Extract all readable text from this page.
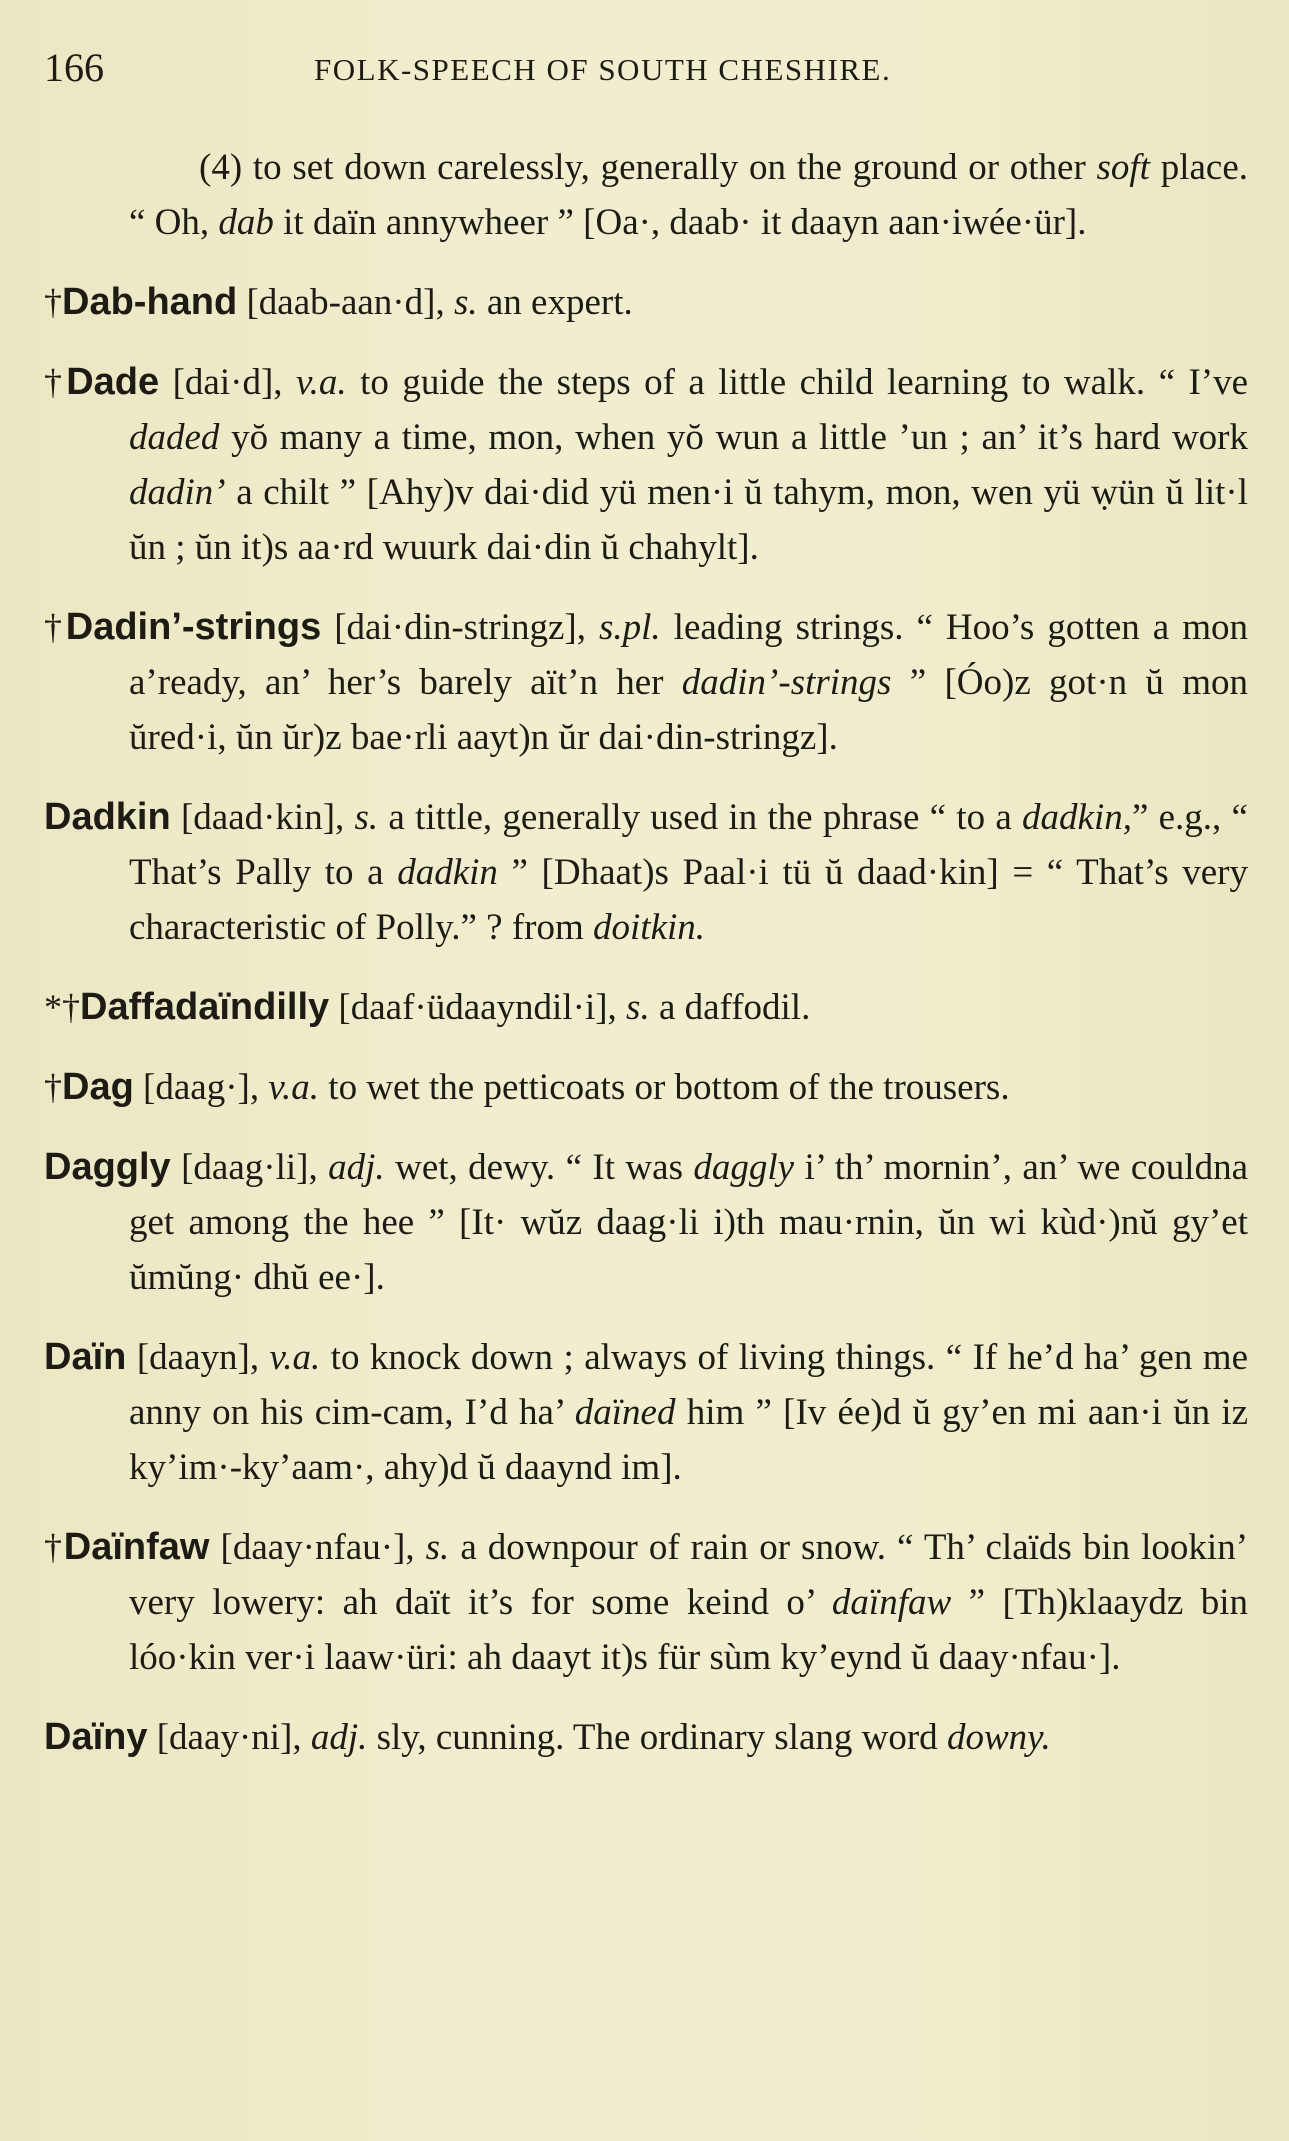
166	FOLK-SPEECH OF SOUTH CHESHIRE.

(4) to set down carelessly, generally on the ground or other soft place. “ Oh, dab it daïn annywheer ” [Oa·, daab· it daayn aan·iwée·ür].

†Dab-hand [daab-aan·d], s. an expert.

†Dade [dai·d], v.a. to guide the steps of a little child learning to walk. “ I’ve daded yŏ many a time, mon, when yŏ wun a little ’un ; an’ it’s hard work dadin’ a chilt ” [Ahy)v dai·did yü men·i ŭ tahym, mon, wen yü ẉün ŭ lit·l ŭn ; ŭn it)s aa·rd wuurk dai·din ŭ chahylt].

†Dadin’-strings [dai·din-stringz], s.pl. leading strings. “ Hoo’s gotten a mon a’ready, an’ her’s barely aït’n her dadin’-strings ” [Óo)z got·n ŭ mon ŭred·i, ŭn ŭr)z bae·rli aayt)n ŭr dai·din-stringz].

Dadkin [daad·kin], s. a tittle, generally used in the phrase “ to a dadkin,” e.g., “ That’s Pally to a dadkin ” [Dhaat)s Paal·i tü ŭ daad·kin] = “ That’s very characteristic of Polly.” ? from doitkin.

*†Daffadaïndilly [daaf·üdaayndil·i], s. a daffodil.

†Dag [daag·], v.a. to wet the petticoats or bottom of the trousers.

Daggly [daag·li], adj. wet, dewy. “ It was daggly i’ th’ mornin’, an’ we couldna get among the hee ” [It· wŭz daag·li i)th mau·rnin, ŭn wi kùd·)nŭ gy’et ŭmŭng· dhŭ ee·].

Daïn [daayn], v.a. to knock down ; always of living things. “ If he’d ha’ gen me anny on his cim-cam, I’d ha’ daïned him ” [Iv ée)d ŭ gy’en mi aan·i ŭn iz ky’im·-ky’aam·, ahy)d ŭ daaynd im].

†Daïnfaw [daay·nfau·], s. a downpour of rain or snow. “ Th’ claïds bin lookin’ very lowery: ah daït it’s for some keind o’ daïnfaw ” [Th)klaaydz bin lóo·kin ver·i laaw·üri: ah daayt it)s für sùm ky’eynd ŭ daay·nfau·].

Daïny [daay·ni], adj. sly, cunning. The ordinary slang word downy.
